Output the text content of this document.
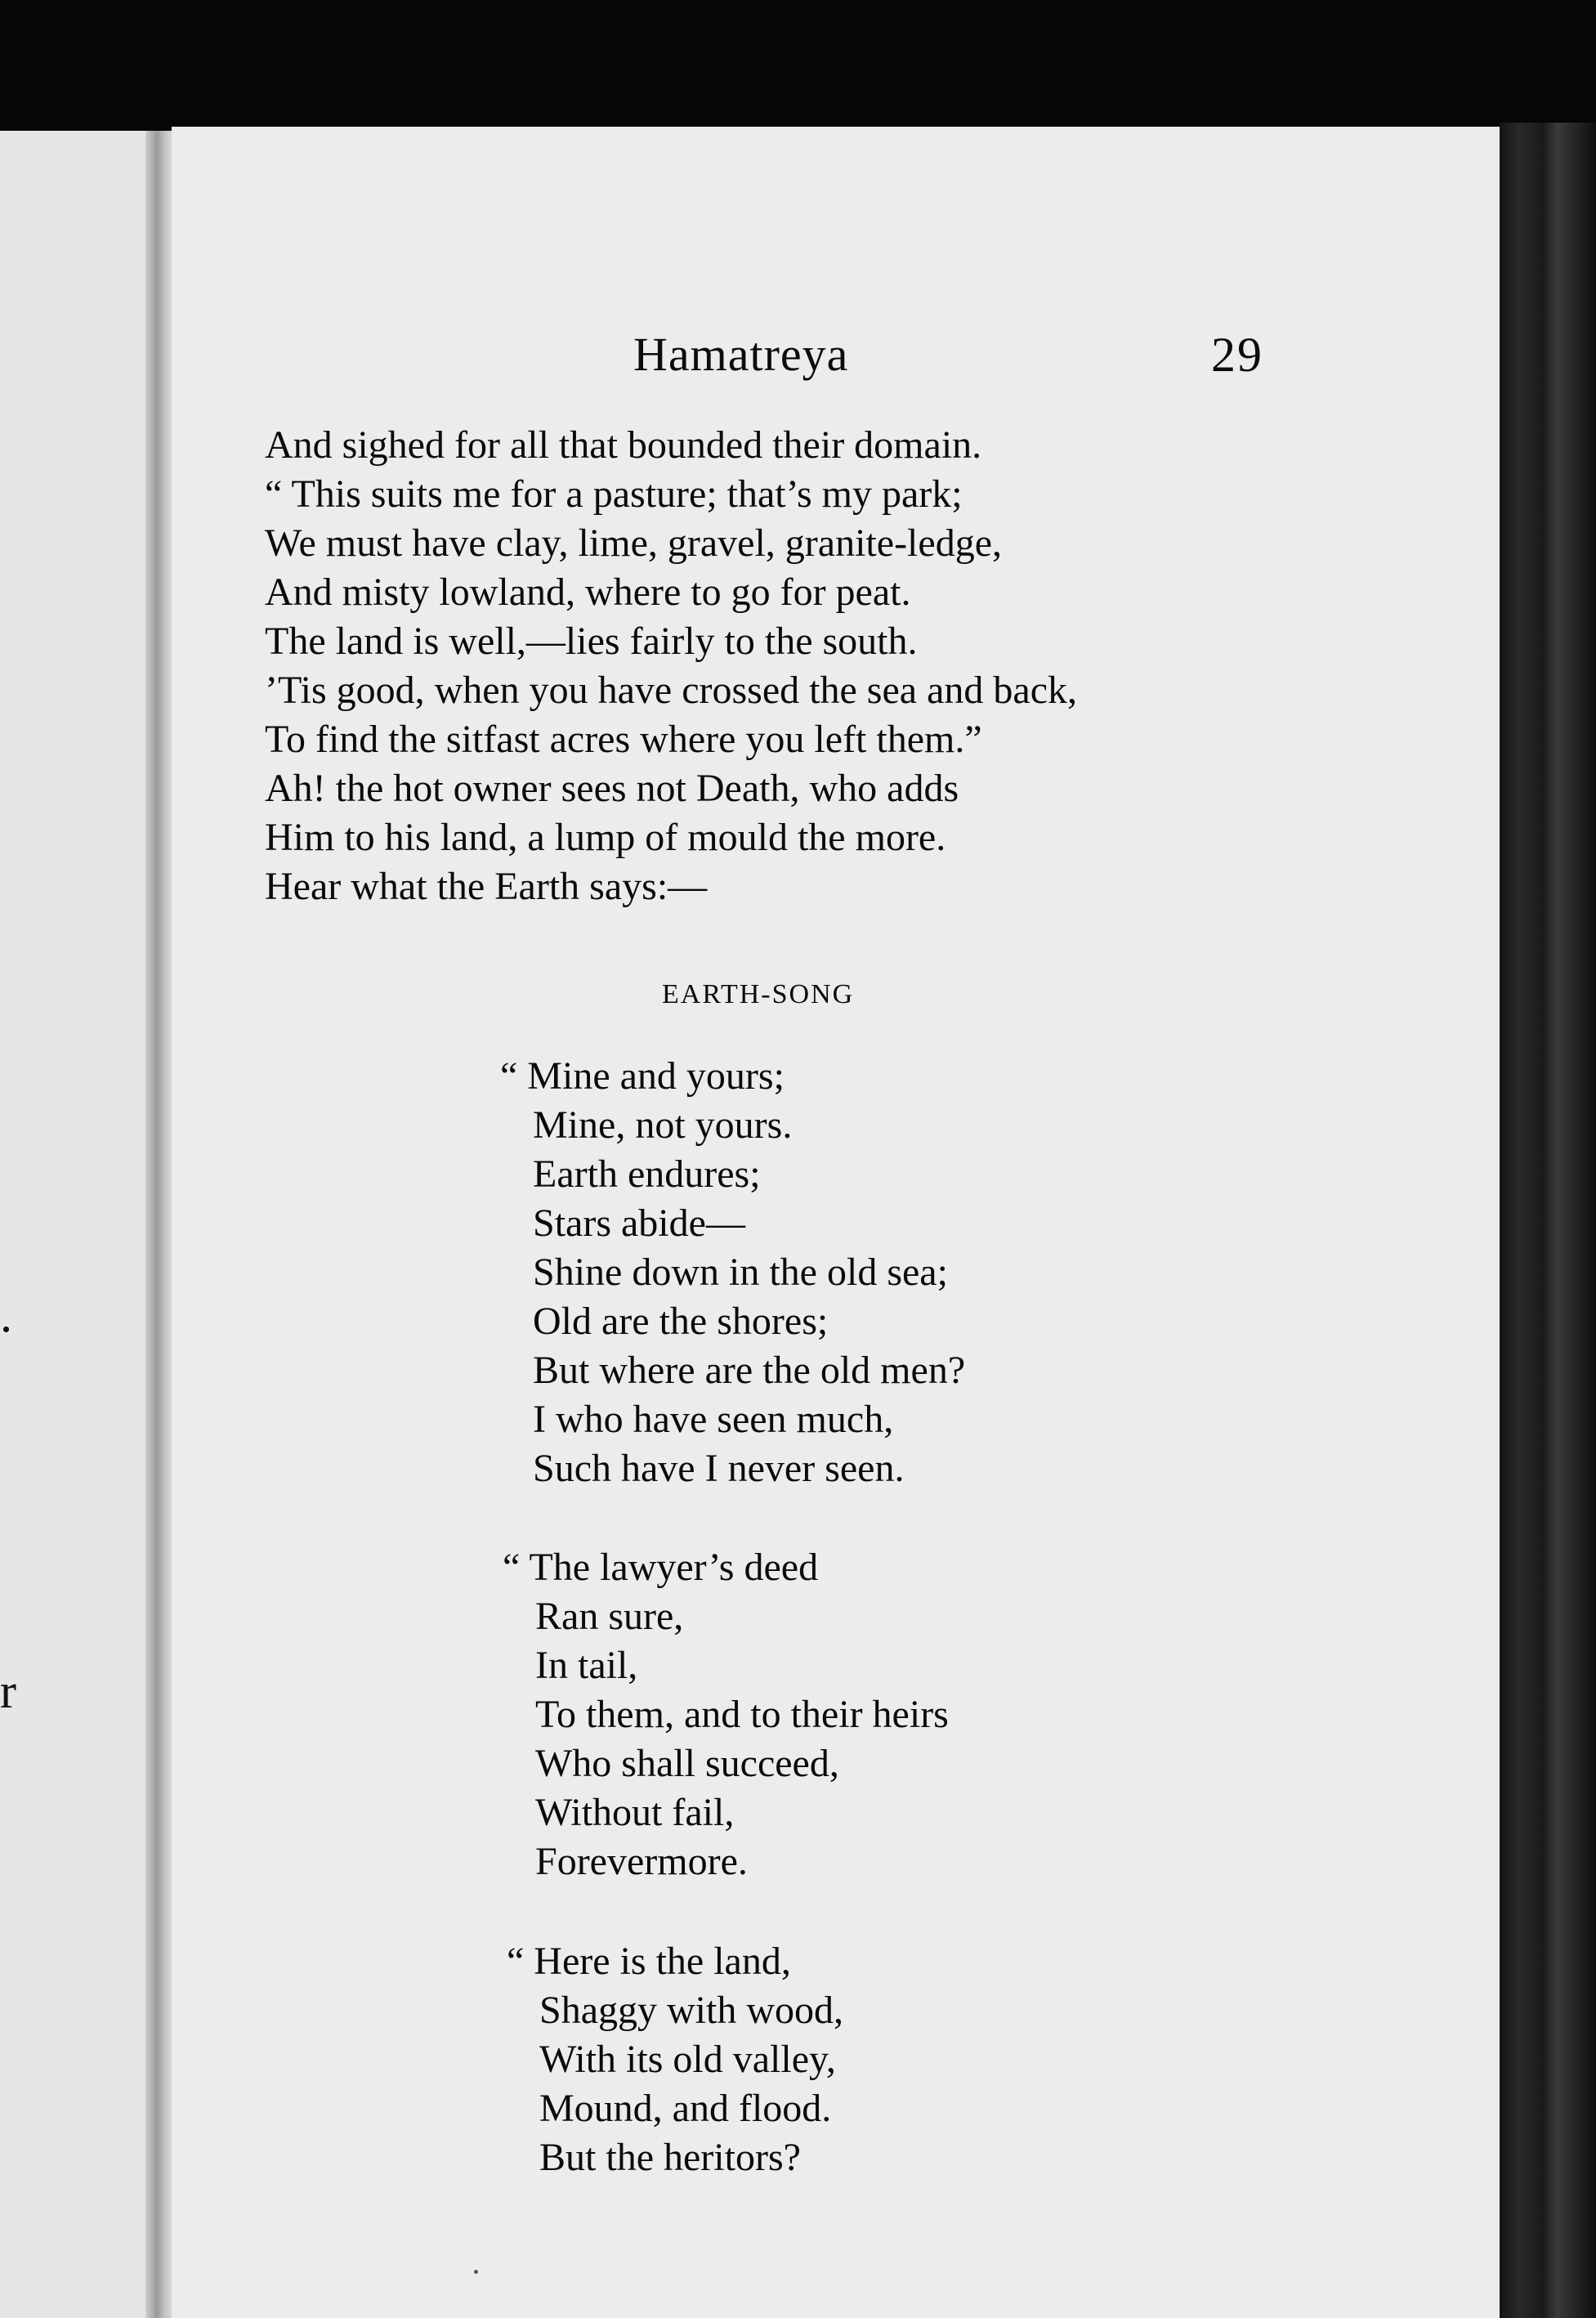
.
r
Hamatreya	29
And sighed for all that bounded their domain.
“ This suits me for a pasture; that’s my park;
We must have clay, lime, gravel, granite-ledge,
And misty lowland, where to go for peat.
The land is well,—lies fairly to the south.
’Tis good, when you have crossed the sea and back,
To find the sitfast acres where you left them.”
Ah! the hot owner sees not Death, who adds
Him to his land, a lump of mould the more.
Hear what the Earth says:—
EARTH-SONG
“ Mine and yours;
Mine, not yours.
Earth endures;
Stars abide—
Shine down in the old sea;
Old are the shores;
But where are the old men?
I who have seen much,
Such have I never seen.
“ The lawyer’s deed
Ran sure,
In tail,
To them, and to their heirs
Who shall succeed,
Without fail,
Forevermore.
“ Here is the land,
Shaggy with wood,
With its old valley,
Mound, and flood.
But the heritors?
